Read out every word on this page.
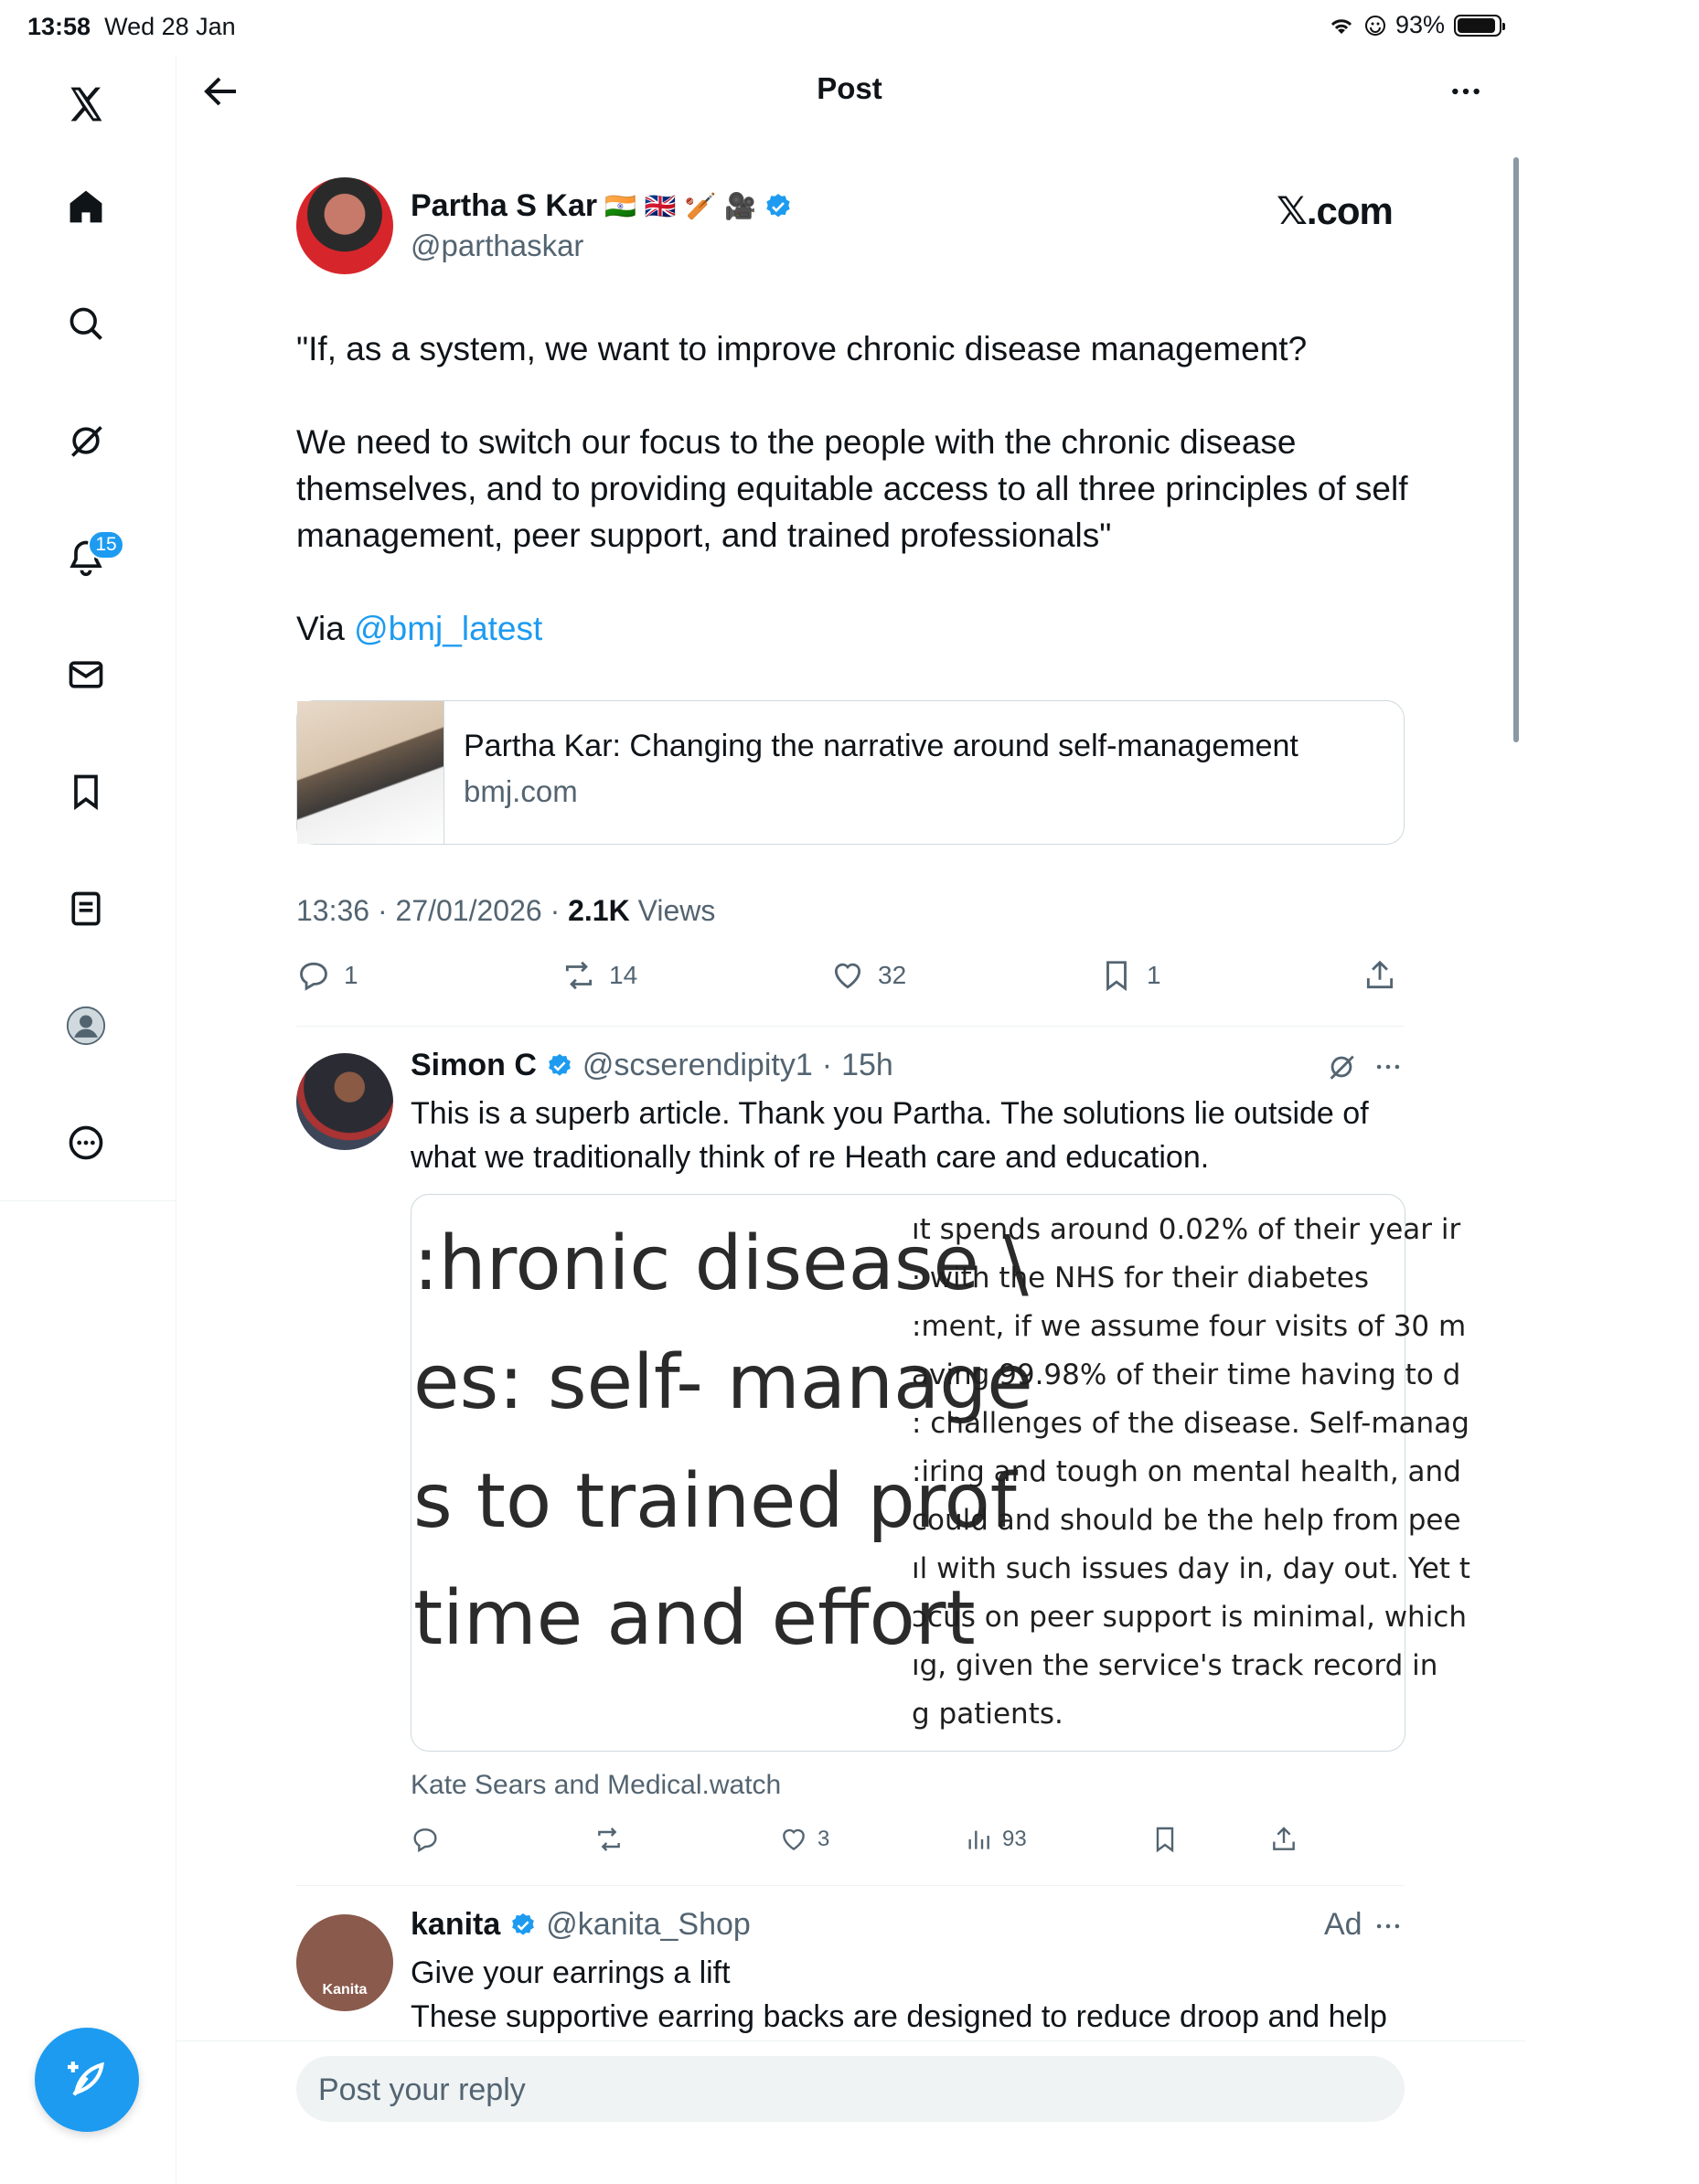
13:58 Wed 28 Jan	93%
15
Post
Partha S Kar 🇮🇳 🇬🇧 🏏 🎥
@parthaskar
𝕏.com

"If, as a system, we want to improve chronic disease management?

We need to switch our focus to the people with the chronic disease themselves, and to providing equitable access to all three principles of self management, peer support, and trained professionals"

Via @bmj_latest

Partha Kar: Changing the narrative around self-management
bmj.com
13:36 · 27/01/2026 · 2.1K Views
1	14	32	1
Simon C @scserendipity1 · 15h
This is a superb article. Thank you Partha. The solutions lie outside of what we traditionally think of re Heath care and education.
:hronic disease \
es: self- manage
s to trained prof
time and effort
ıt spends around 0.02% of their year ir
· with the NHS for their diabetes
:ment, if we assume four visits of 30 m
aving 99.98% of their time having to d
: challenges of the disease. Self-manag
:iring and tough on mental health, and
could and should be the help from pee
ıl with such issues day in, day out. Yet t
ɔcus on peer support is minimal, which
ıg, given the service's track record in
g patients.
Kate Sears and Medical.watch
3	93
Kanita
kanita @kanita_Shop	Ad
Give your earrings a lift
These supportive earring backs are designed to reduce droop and help
Post your reply
